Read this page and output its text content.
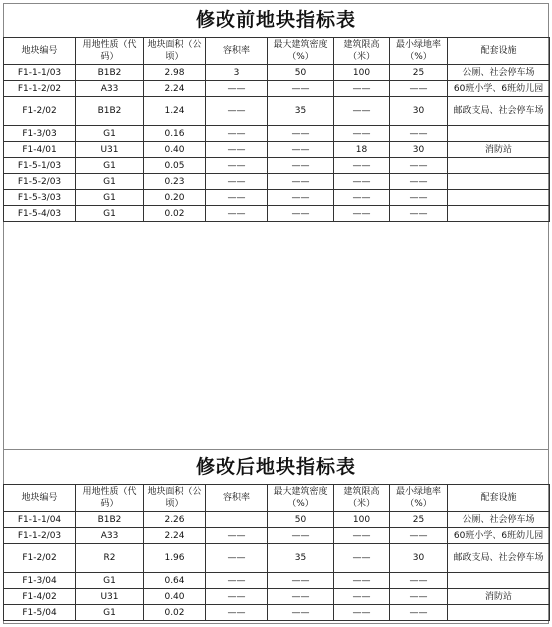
修改前地块指标表
地块编号	用地性质（代码）	地块面积（公顷）	容积率	最大建筑密度（%）	建筑限高（米）	最小绿地率（%）	配套设施
F1-1-1/03	B1B2	2.98	3	50	100	25	公厕、社会停车场
F1-1-2/02	A33	2.24	——	——	——	——	60班小学、6班幼儿园
F1-2/02	B1B2	1.24	——	35	——	30	邮政支局、社会停车场
F1-3/03	G1	0.16	——	——	——	——	
F1-4/01	U31	0.40	——	——	18	30	消防站
F1-5-1/03	G1	0.05	——	——	——	——	
F1-5-2/03	G1	0.23	——	——	——	——	
F1-5-3/03	G1	0.20	——	——	——	——	
F1-5-4/03	G1	0.02	——	——	——	——	
修改后地块指标表
地块编号	用地性质（代码）	地块面积（公顷）	容积率	最大建筑密度（%）	建筑限高（米）	最小绿地率（%）	配套设施
F1-1-1/04	B1B2	2.26		50	100	25	公厕、社会停车场
F1-1-2/03	A33	2.24	——	——	——	——	60班小学、6班幼儿园
F1-2/02	R2	1.96	——	35	——	30	邮政支局、社会停车场
F1-3/04	G1	0.64	——	——	——	——	
F1-4/02	U31	0.40	——	——	——	——	消防站
F1-5/04	G1	0.02	——	——	——	——	
